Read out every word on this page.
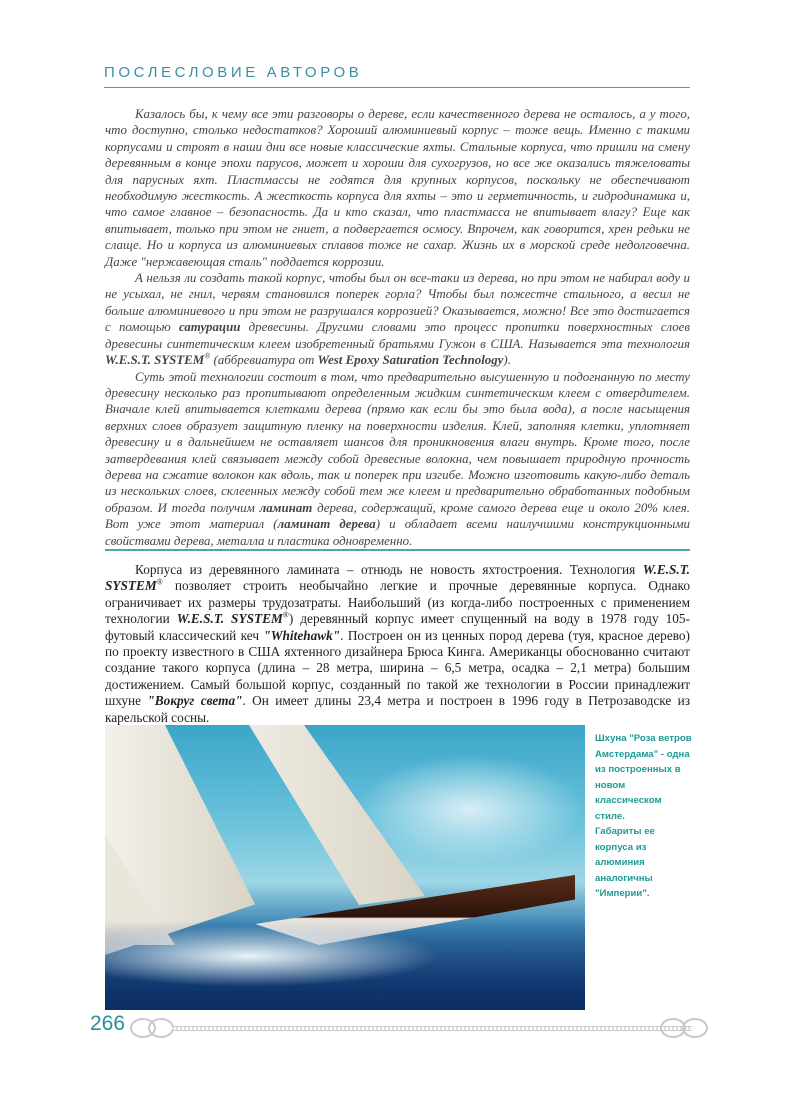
ПОСЛЕСЛОВИЕ АВТОРОВ

Казалось бы, к чему все эти разговоры о дереве, если качественного дерева не осталось, а у того, что доступно, столько недостатков? Хороший алюминиевый корпус – тоже вещь. Именно с такими корпусами и строят в наши дни все новые классические яхты. Стальные корпуса, что пришли на смену деревянным в конце эпохи парусов, может и хороши для сухогрузов, но все же оказались тяжеловаты для парусных яхт. Пластмассы не годятся для крупных корпусов, поскольку не обеспечивают необходимую жесткость. А жесткость корпуса для яхты – это и герметичность, и гидродинамика и, что самое главное – безопасность. Да и кто сказал, что пластмасса не впитывает влагу? Еще как впитывает, только при этом не гниет, а подвергается осмосу. Впрочем, как говорится, хрен редьки не слаще. Но и корпуса из алюминиевых сплавов тоже не сахар. Жизнь их в морской среде недолговечна. Даже "нержавеющая сталь" поддается коррозии.

А нельзя ли создать такой корпус, чтобы был он все-таки из дерева, но при этом не набирал воду и не усыхал, не гнил, червям становился поперек горла? Чтобы был пожестче стального, а весил не больше алюминиевого и при этом не разрушался коррозией? Оказывается, можно! Все это достигается с помощью сатурации древесины. Другими словами это процесс пропитки поверхностных слоев древесины синтетическим клеем изобретенный братьями Гужон в США. Называется эта технология W.E.S.T. SYSTEM® (аббревиатура от West Epoxy Saturation Technology).

Суть этой технологии состоит в том, что предварительно высушенную и подогнанную по месту древесину несколько раз пропитывают определенным жидким синтетическим клеем с отвердителем. Вначале клей впитывается клетками дерева (прямо как если бы это была вода), а после насыщения верхних слоев образует защитную пленку на поверхности изделия. Клей, заполняя клетки, уплотняет древесину и в дальнейшем не оставляет шансов для проникновения влаги внутрь. Кроме того, после затвердевания клей связывает между собой древесные волокна, чем повышает природную прочность дерева на сжатие волокон как вдоль, так и поперек при изгибе. Можно изготовить какую-либо деталь из нескольких слоев, склеенных между собой тем же клеем и предварительно обработанных подобным образом. И тогда получим ламинат дерева, содержащий, кроме самого дерева еще и около 20% клея. Вот уже этот материал (ламинат дерева) и обладает всеми наилучшими конструкционными свойствами дерева, металла и пластика одновременно.

Корпуса из деревянного ламината – отнюдь не новость яхтостроения. Технология W.E.S.T. SYSTEM® позволяет строить необычайно легкие и прочные деревянные корпуса. Однако ограничивает их размеры трудозатраты. Наибольший (из когда-либо построенных с применением технологии W.E.S.T. SYSTEM®) деревянный корпус имеет спущенный на воду в 1978 году 105-футовый классический кеч "Whitehawk". Построен он из ценных пород дерева (туя, красное дерево) по проекту известного в США яхтенного дизайнера Брюса Кинга. Американцы обоснованно считают создание такого корпуса (длина – 28 метра, ширина – 6,5 метра, осадка – 2,1 метра) большим достижением. Самый большой корпус, созданный по такой же технологии в России принадлежит шхуне "Вокруг света". Он имеет длины 23,4 метра и построен в 1996 году в Петрозаводске из карельской сосны.

Шхуна "Роза ветров
Амстердама" - одна
из построенных в
новом
классическом
стиле.
Габариты ее
корпуса из
алюминия
аналогичны
"Империи".
266
